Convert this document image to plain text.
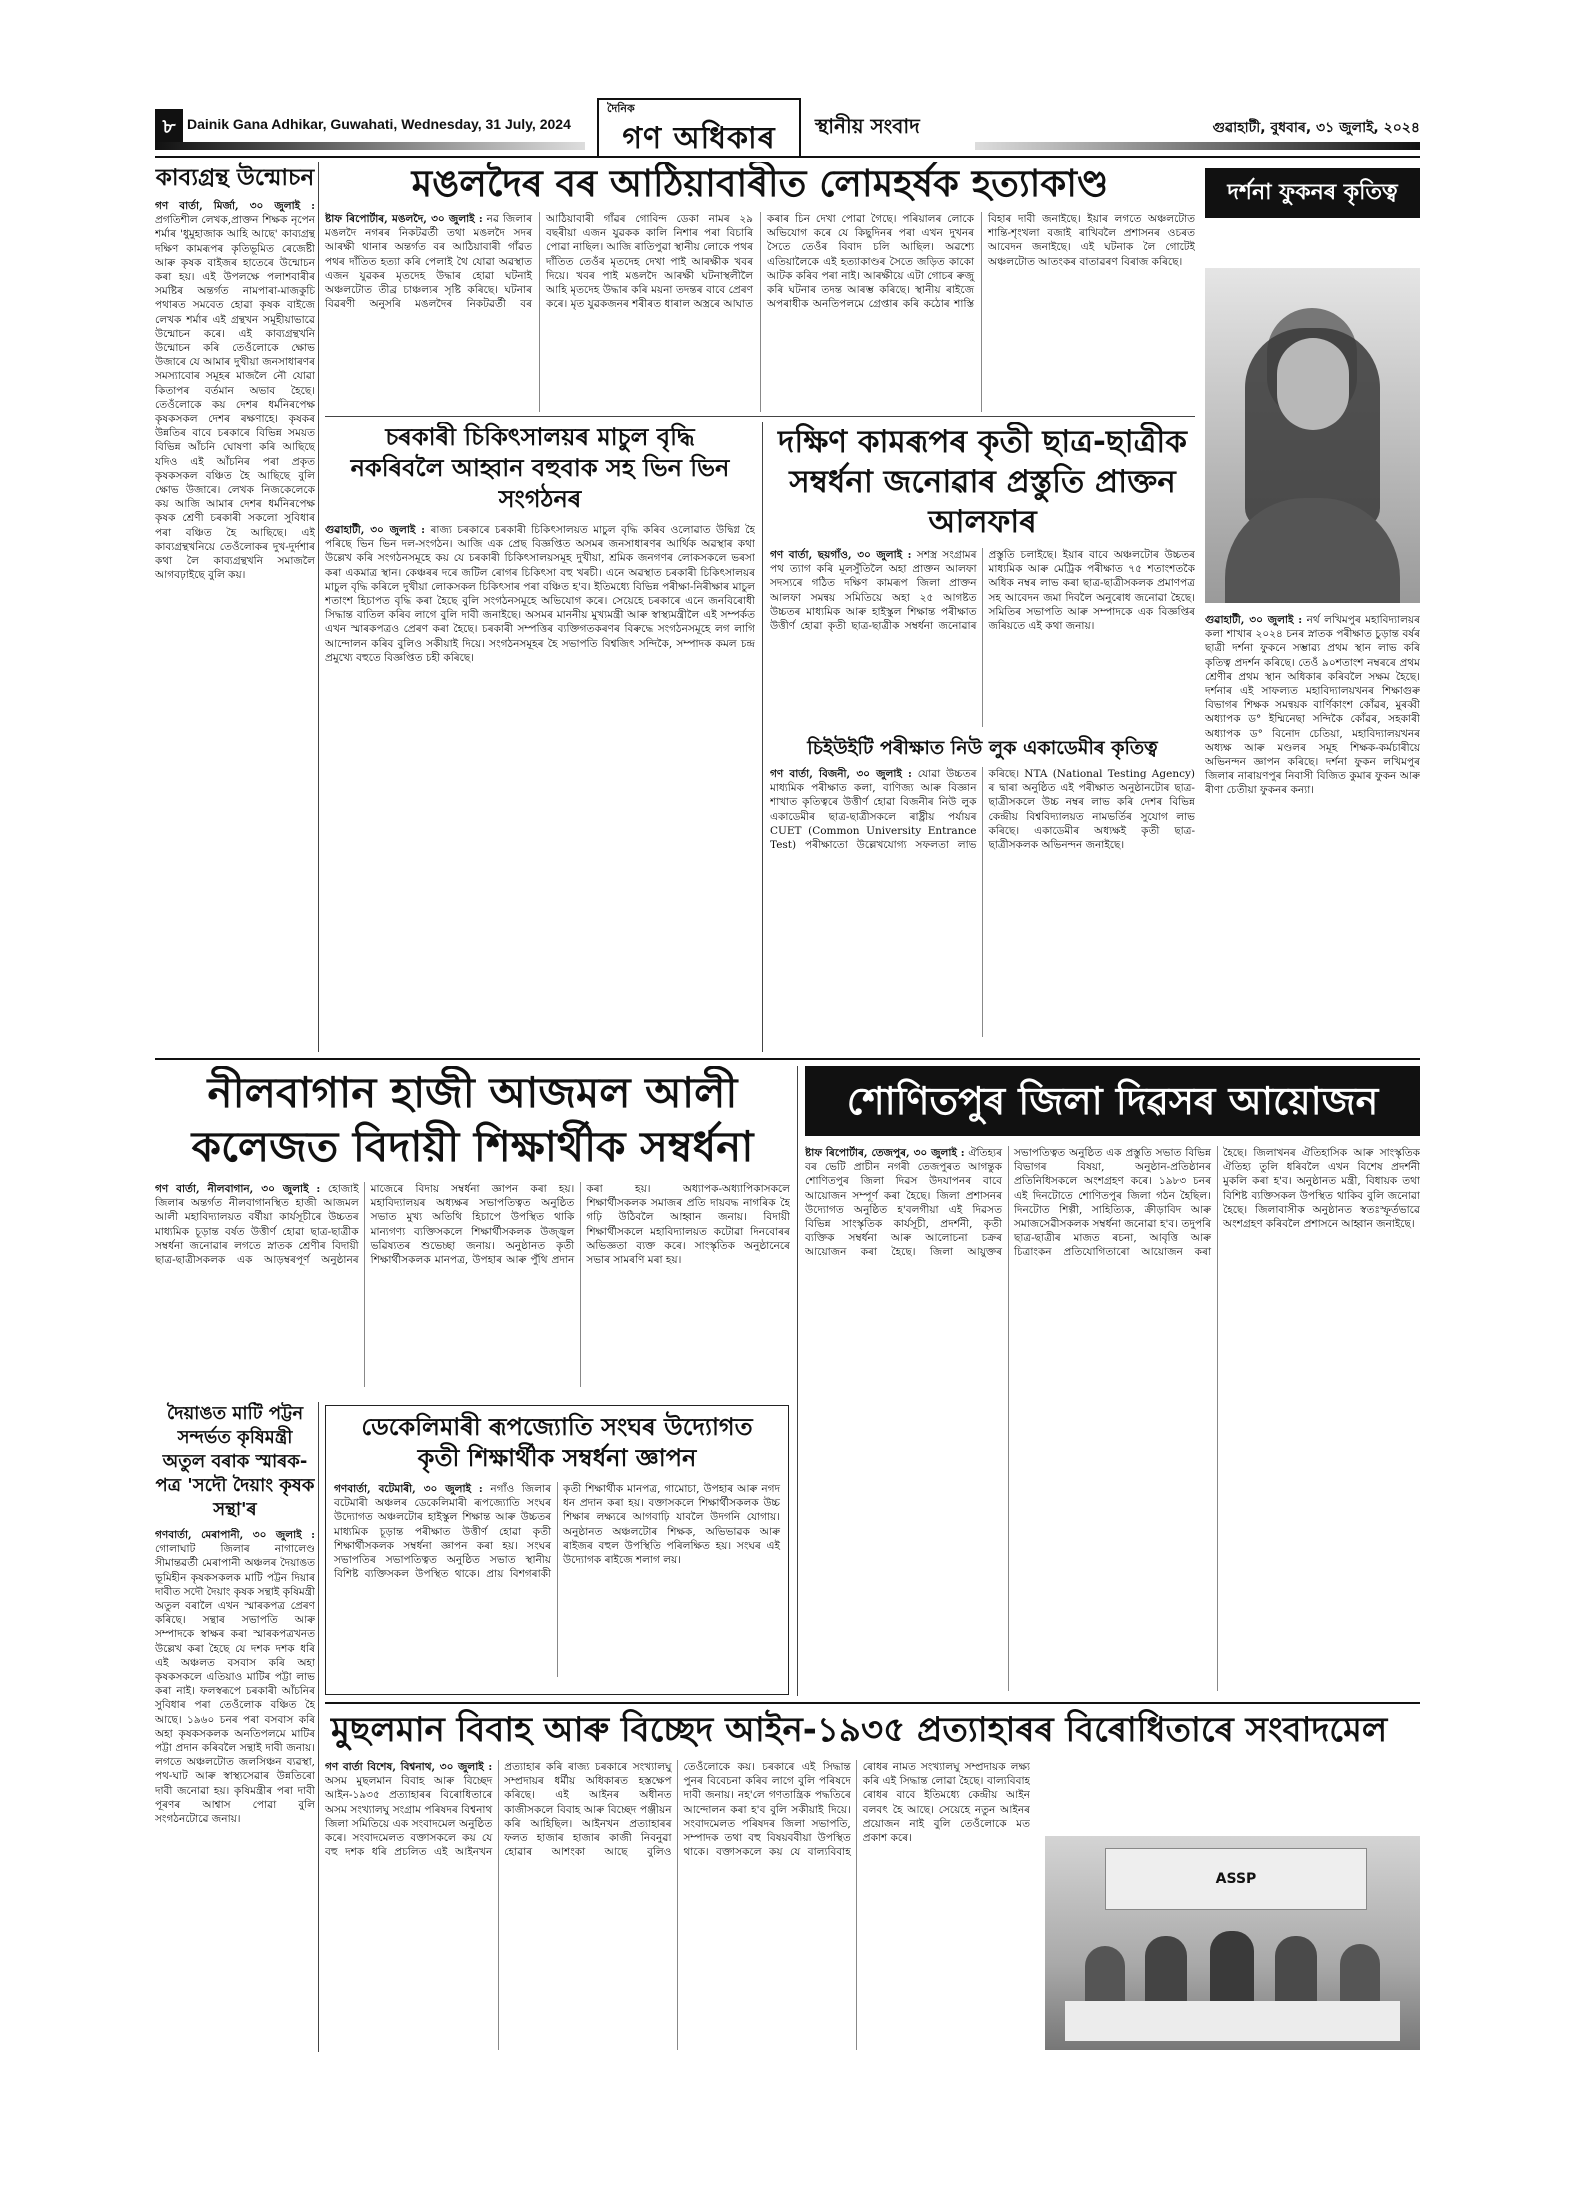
৮ Dainik Gana Adhikar, Guwahati, Wednesday, 31 July, 2024
দৈনিক
গণ অধিকাৰ	স্থানীয় সংবাদ	গুৱাহাটী, বুধবাৰ, ৩১ জুলাই, ২০২৪
কাব্যগ্ৰন্থ উন্মোচন
গণ বাৰ্তা, মিৰ্জা, ৩০ জুলাই : প্ৰগতিশীল লেখক,প্ৰাক্তন শিক্ষক নৃপেন শৰ্মাৰ 'ধুমুহাজাক আহি আছে' কাব্যগ্ৰন্থ দক্ষিণ কামৰূপৰ কৃতিভূমিত ৰেজেষ্টী আৰু কৃষক বাইজৰ হাতেৰে উন্মোচন কৰা হয়। এই উপলক্ষে পলাশবাৰীৰ সমষ্টিৰ অন্তৰ্গত নামপাৰা-মাজকুচি পথাৰত সমবেত হোৱা কৃষক বাইজে লেখক শৰ্মাৰ এই গ্ৰন্থখন সমূহীয়াভাৱে উন্মোচন কৰে। এই কাব্যগ্ৰন্থখনি উন্মোচন কৰি তেওঁলোকে ক্ষোভ উজাৰে যে আমাৰ দুখীয়া জনসাধাৰণৰ সমস্যাবোৰ সমূহৰ মাজলৈ নৌ যোৱা কিতাপৰ বৰ্তমান অভাব হৈছে। তেওঁলোকে কয় দেশৰ ধৰ্মনিৰপেক্ষ কৃষকসকল দেশৰ ৰক্ষণাহে। কৃষকৰ উন্নতিৰ বাবে চৰকাৰে বিভিন্ন সময়ত বিভিন্ন আঁচনি ঘোষণা কৰি আছিছে যদিও এই আঁচনিৰ পৰা প্ৰকৃত কৃষকসকল বঞ্চিত হৈ আছিছে বুলি ক্ষোভ উজাৰে। লেখক নিজকেলেকে কয় আজি আমাৰ দেশৰ ধৰ্মনিৰপেক্ষ কৃষক শ্ৰেণী চৰকাৰী সকলো সুবিধাৰ পৰা বঞ্চিত হৈ আছিছে। এই কাব্যগ্ৰন্থখনিয়ে তেওঁলোকৰ দুখ-দুৰ্দশাৰ কথা লৈ কাব্যগ্ৰন্থখনি সমাজলৈ আগবঢ়াইছে বুলি কয়।
মঙলদৈৰ বৰ আঠিয়াবাৰীত লোমহৰ্ষক হত্যাকাণ্ড
ষ্টাফ ৰিপোৰ্টাৰ, মঙলদৈ, ৩০ জুলাই : নৱ জিলাৰ মঙলদৈ নগৰৰ নিকটৱৰ্তী তথা মঙলদৈ সদৰ আৰক্ষী থানাৰ অন্তৰ্গত বৰ আঠিয়াবাৰী গাঁৱত পথৰ দাঁতিত হত্যা কৰি পেলাই থৈ যোৱা অৱস্থাত এজন যুৱকৰ মৃতদেহ উদ্ধাৰ হোৱা ঘটনাই অঞ্চলটোত তীব্ৰ চাঞ্চল্যৰ সৃষ্টি কৰিছে। ঘটনাৰ বিৱৰণী অনুসৰি মঙলদৈৰ নিকটৱৰ্তী বৰ আঠিয়াবাৰী গাঁৱৰ গোবিন্দ ডেকা নামৰ ২৯ বছৰীয়া এজন যুৱকক কালি নিশাৰ পৰা বিচাৰি পোৱা নাছিল। আজি ৰাতিপুৱা স্থানীয় লোকে পথৰ দাঁতিত তেওঁৰ মৃতদেহ দেখা পাই আৰক্ষীক খবৰ দিয়ে। খবৰ পাই মঙলদৈ আৰক্ষী ঘটনাস্থলীলৈ আহি মৃতদেহ উদ্ধাৰ কৰি ময়না তদন্তৰ বাবে প্ৰেৰণ কৰে। মৃত যুৱকজনৰ শৰীৰত ধাৰাল অস্ত্ৰৰে আঘাত কৰাৰ চিন দেখা পোৱা গৈছে। পৰিয়ালৰ লোকে অভিযোগ কৰে যে কিছুদিনৰ পৰা এখন দুখনৰ সৈতে তেওঁৰ বিবাদ চলি আছিল। অৱশ্যে এতিয়ালৈকে এই হত্যাকাণ্ডৰ সৈতে জড়িত কাকো আটক কৰিব পৰা নাই। আৰক্ষীয়ে এটা গোচৰ ৰুজু কৰি ঘটনাৰ তদন্ত আৰম্ভ কৰিছে। স্থানীয় ৰাইজে অপৰাধীক অনতিপলমে গ্ৰেপ্তাৰ কৰি কঠোৰ শাস্তি বিহাৰ দাবী জনাইছে। ইয়াৰ লগতে অঞ্চলটোত শান্তি-শৃংখলা বজাই ৰাখিবলৈ প্ৰশাসনৰ ওচৰত আবেদন জনাইছে। এই ঘটনাক লৈ গোটেই অঞ্চলটোত আতংকৰ বাতাৱৰণ বিৰাজ কৰিছে।
দৰ্শনা ফুকনৰ কৃতিত্ব
গুৱাহাটী, ৩০ জুলাই : নৰ্থ লখিমপুৰ মহাবিদ্যালয়ৰ কলা শাখাৰ ২০২৪ চনৰ স্নাতক পৰীক্ষাত চুড়ান্ত বৰ্ষৰ ছাত্ৰী দৰ্শনা ফুকনে সম্ভাৱ্য প্ৰথম স্থান লাভ কৰি কৃতিত্ব প্ৰদৰ্শন কৰিছে। তেওঁ ৯০শতাংশ নম্বৰৰে প্ৰথম শ্ৰেণীৰ প্ৰথম স্থান অধিকাৰ কৰিবলৈ সক্ষম হৈছে। দৰ্শনাৰ এই সাফল্যত মহাবিদ্যালয়খনৰ শিক্ষাগুৰু বিভাগৰ শিক্ষক সমন্বয়ক বাৰ্ণিকাংশ কোঁৱৰ, মুৰব্বী অধ্যাপক ড° ইম্মিনেছা সন্দিকৈ কোঁৱৰ, সহকাৰী অধ্যাপক ড° বিনোদ চেতিয়া, মহাবিদ্যালয়খনৰ অধ্যক্ষ আৰু মণ্ডলৰ সমূহ শিক্ষক-কৰ্মচাৰীয়ে অভিনন্দন জ্ঞাপন কৰিছে। দৰ্শনা ফুকন লখিমপুৰ জিলাৰ নাৰায়ণপুৰ নিবাসী বিজিত কুমাৰ ফুকন আৰু ৰীণা চেতীয়া ফুকনৰ কন্যা।
চৰকাৰী চিকিৎসালয়ৰ মাচুল বৃদ্ধি নকৰিবলৈ আহ্বান বহুবাক সহ ভিন ভিন সংগঠনৰ
গুৱাহাটী, ৩০ জুলাই : ৰাজ্য চৰকাৰে চৰকাৰী চিকিৎসালয়ত মাচুল বৃদ্ধি কৰিব ওলোৱাত উদ্বিগ্ন হৈ পৰিছে ভিন ভিন দল-সংগঠন। আজি এক প্ৰেছ বিজ্ঞপ্তিত অসমৰ জনসাধাৰণৰ আৰ্থিক অৱস্থাৰ কথা উল্লেখ কৰি সংগঠনসমূহে কয় যে চৰকাৰী চিকিৎসালয়সমূহ দুখীয়া, শ্ৰমিক জনগণৰ লোকসকলে ভৰসা কৰা একমাত্ৰ স্থান। কেঞ্চৰৰ দৰে জটিল ৰোগৰ চিকিৎসা বহু খৰচী। এনে অৱস্থাত চৰকাৰী চিকিৎসালয়ৰ মাচুল বৃদ্ধি কৰিলে দুখীয়া লোকসকল চিকিৎসাৰ পৰা বঞ্চিত হ'ব। ইতিমধ্যে বিভিন্ন পৰীক্ষা-নিৰীক্ষাৰ মাচুল শতাংশ হিচাপত বৃদ্ধি কৰা হৈছে বুলি সংগঠনসমূহে অভিযোগ কৰে। সেয়েহে চৰকাৰে এনে জনবিৰোধী সিদ্ধান্ত বাতিল কৰিব লাগে বুলি দাবী জনাইছে। অসমৰ মাননীয় মুখ্যমন্ত্ৰী আৰু স্বাস্থ্যমন্ত্ৰীলৈ এই সম্পৰ্কত এখন স্মাৰকপত্ৰও প্ৰেৰণ কৰা হৈছে। চৰকাৰী সম্পত্তিৰ ব্যক্তিগতকৰণৰ বিৰুদ্ধে সংগঠনসমূহে লগ লাগি আন্দোলন কৰিব বুলিও সকীয়াই দিয়ে। সংগঠনসমূহৰ হৈ সভাপতি বিশ্বজিৎ সন্দিকৈ, সম্পাদক কমল চন্দ্ৰ প্ৰমুখ্যে বহুতে বিজ্ঞপ্তিত চহী কৰিছে।
দক্ষিণ কামৰূপৰ কৃতী ছাত্ৰ-ছাত্ৰীক সম্বৰ্ধনা জনোৱাৰ প্ৰস্তুতি প্ৰাক্তন আলফাৰ
গণ বাৰ্তা, ছয়গাঁও, ৩০ জুলাই : সশস্ত্ৰ সংগ্ৰামৰ পথ ত্যাগ কৰি মূলসুঁতিলৈ অহা প্ৰাক্তন আলফা সদস্যৰে গঠিত দক্ষিণ কামৰূপ জিলা প্ৰাক্তন আলফা সমন্বয় সমিতিয়ে অহা ২৫ আগষ্টত উচ্চতৰ মাধ্যমিক আৰু হাইস্কুল শিক্ষান্ত পৰীক্ষাত উত্তীৰ্ণ হোৱা কৃতী ছাত্ৰ-ছাত্ৰীক সম্বৰ্ধনা জনোৱাৰ প্ৰস্তুতি চলাইছে। ইয়াৰ বাবে অঞ্চলটোৰ উচ্চতৰ মাধ্যমিক আৰু মেট্ৰিক পৰীক্ষাত ৭৫ শতাংশতকৈ অধিক নম্বৰ লাভ কৰা ছাত্ৰ-ছাত্ৰীসকলক প্ৰমাণপত্ৰ সহ আবেদন জমা দিবলৈ অনুৰোধ জনোৱা হৈছে। সমিতিৰ সভাপতি আৰু সম্পাদকে এক বিজ্ঞপ্তিৰ জৰিয়তে এই কথা জনায়।
চিইউইটি পৰীক্ষাত নিউ লুক একাডেমীৰ কৃতিত্ব
গণ বাৰ্তা, বিজনী, ৩০ জুলাই : যোৱা উচ্চতৰ মাধ্যমিক পৰীক্ষাত কলা, বাণিজ্য আৰু বিজ্ঞান শাখাত কৃতিত্বৰে উত্তীৰ্ণ হোৱা বিজনীৰ নিউ লুক একাডেমীৰ ছাত্ৰ-ছাত্ৰীসকলে ৰাষ্ট্ৰীয় পৰ্যায়ৰ CUET (Common University Entrance Test) পৰীক্ষাতো উল্লেখযোগ্য সফলতা লাভ কৰিছে। NTA (National Testing Agency) ৰ দ্বাৰা অনুষ্ঠিত এই পৰীক্ষাত অনুষ্ঠানটোৰ ছাত্ৰ-ছাত্ৰীসকলে উচ্চ নম্বৰ লাভ কৰি দেশৰ বিভিন্ন কেন্দ্ৰীয় বিশ্ববিদ্যালয়ত নামভৰ্তিৰ সুযোগ লাভ কৰিছে। একাডেমীৰ অধ্যক্ষই কৃতী ছাত্ৰ-ছাত্ৰীসকলক অভিনন্দন জনাইছে।
নীলবাগান হাজী আজমল আলী কলেজত বিদায়ী শিক্ষাৰ্থীক সম্বৰ্ধনা
গণ বাৰ্তা, নীলবাগান, ৩০ জুলাই : হোজাই জিলাৰ অন্তৰ্গত নীলবাগানস্থিত হাজী আজমল আলী মহাবিদ্যালয়ত বৰ্ষীয়া কাৰ্যসূচীৰে উচ্চতৰ মাধ্যমিক চূড়ান্ত বৰ্ষত উত্তীৰ্ণ হোৱা ছাত্ৰ-ছাত্ৰীক সম্বৰ্ধনা জনোৱাৰ লগতে স্নাতক শ্ৰেণীৰ বিদায়ী ছাত্ৰ-ছাত্ৰীসকলক এক আড়ম্বৰপূৰ্ণ অনুষ্ঠানৰ মাজেৰে বিদায় সম্বৰ্ধনা জ্ঞাপন কৰা হয়। মহাবিদ্যালয়ৰ অধ্যক্ষৰ সভাপতিত্বত অনুষ্ঠিত সভাত মুখ্য অতিথি হিচাপে উপস্থিত থাকি মান্যগণ্য ব্যক্তিসকলে শিক্ষাৰ্থীসকলক উজ্জ্বল ভৱিষ্যতৰ শুভেচ্ছা জনায়। অনুষ্ঠানত কৃতী শিক্ষাৰ্থীসকলক মানপত্ৰ, উপহাৰ আৰু পুঁথি প্ৰদান কৰা হয়। অধ্যাপক-অধ্যাপিকাসকলে শিক্ষাৰ্থীসকলক সমাজৰ প্ৰতি দায়বদ্ধ নাগৰিক হৈ গঢ়ি উঠিবলৈ আহ্বান জনায়। বিদায়ী শিক্ষাৰ্থীসকলে মহাবিদ্যালয়ত কটোৱা দিনবোৰৰ অভিজ্ঞতা ব্যক্ত কৰে। সাংস্কৃতিক অনুষ্ঠানেৰে সভাৰ সামৰণি মৰা হয়।
শোণিতপুৰ জিলা দিৱসৰ আয়োজন
ষ্টাফ ৰিপোৰ্টাৰ, তেজপুৰ, ৩০ জুলাই : ঐতিহ্যৰ বৰ ভেটি প্ৰাচীন নগৰী তেজপুৰত আগন্তুক শোণিতপুৰ জিলা দিৱস উদযাপনৰ বাবে আয়োজন সম্পূৰ্ণ কৰা হৈছে। জিলা প্ৰশাসনৰ উদ্যোগত অনুষ্ঠিত হ'বলগীয়া এই দিৱসত বিভিন্ন সাংস্কৃতিক কাৰ্যসূচী, প্ৰদৰ্শনী, কৃতী ব্যক্তিক সম্বৰ্ধনা আৰু আলোচনা চক্ৰৰ আয়োজন কৰা হৈছে। জিলা আয়ুক্তৰ সভাপতিত্বত অনুষ্ঠিত এক প্ৰস্তুতি সভাত বিভিন্ন বিভাগৰ বিষয়া, অনুষ্ঠান-প্ৰতিষ্ঠানৰ প্ৰতিনিধিসকলে অংশগ্ৰহণ কৰে। ১৯৮৩ চনৰ এই দিনটোতে শোণিতপুৰ জিলা গঠন হৈছিল। দিনটোত শিল্পী, সাহিত্যিক, ক্ৰীড়াবিদ আৰু সমাজসেৱীসকলক সম্বৰ্ধনা জনোৱা হ'ব। তদুপৰি ছাত্ৰ-ছাত্ৰীৰ মাজত ৰচনা, আবৃত্তি আৰু চিত্ৰাংকন প্ৰতিযোগিতাৰো আয়োজন কৰা হৈছে। জিলাখনৰ ঐতিহাসিক আৰু সাংস্কৃতিক ঐতিহ্য তুলি ধৰিবলৈ এখন বিশেষ প্ৰদৰ্শনী মুকলি কৰা হ'ব। অনুষ্ঠানত মন্ত্ৰী, বিধায়ক তথা বিশিষ্ট ব্যক্তিসকল উপস্থিত থাকিব বুলি জনোৱা হৈছে। জিলাবাসীক অনুষ্ঠানত স্বতঃস্ফূৰ্তভাৱে অংশগ্ৰহণ কৰিবলৈ প্ৰশাসনে আহ্বান জনাইছে।
দৈয়াঙত মাটি পট্টন সন্দৰ্ভত কৃষিমন্ত্ৰী অতুল বৰাক স্মাৰক-পত্ৰ 'সদৌ দৈয়াং কৃষক সন্থা'ৰ
গণবাৰ্তা, মেৰাপানী, ৩০ জুলাই : গোলাঘাট জিলাৰ নাগালেণ্ড সীমান্তৱৰ্তী মেৰাপানী অঞ্চলৰ দৈয়াঙত ভূমিহীন কৃষকসকলক মাটি পট্টন দিয়াৰ দাবীত সদৌ দৈয়াং কৃষক সন্থাই কৃষিমন্ত্ৰী অতুল বৰালৈ এখন স্মাৰকপত্ৰ প্ৰেৰণ কৰিছে। সন্থাৰ সভাপতি আৰু সম্পাদকে স্বাক্ষৰ কৰা স্মাৰকপত্ৰখনত উল্লেখ কৰা হৈছে যে দশক দশক ধৰি এই অঞ্চলত বসবাস কৰি অহা কৃষকসকলে এতিয়াও মাটিৰ পট্টা লাভ কৰা নাই। ফলস্বৰূপে চৰকাৰী আঁচনিৰ সুবিধাৰ পৰা তেওঁলোক বঞ্চিত হৈ আছে। ১৯৬০ চনৰ পৰা বসবাস কৰি অহা কৃষকসকলক অনতিপলমে মাটিৰ পট্টা প্ৰদান কৰিবলৈ সন্থাই দাবী জনায়। লগতে অঞ্চলটোত জলসিঞ্চন ব্যৱস্থা, পথ-ঘাট আৰু স্বাস্থ্যসেৱাৰ উন্নতিৰো দাবী জনোৱা হয়। কৃষিমন্ত্ৰীৰ পৰা দাবী পূৰণৰ আশ্বাস পোৱা বুলি সংগঠনটোৱে জনায়।
ডেকেলিমাৰী ৰূপজ্যোতি সংঘৰ উদ্যোগত কৃতী শিক্ষাৰ্থীক সম্বৰ্ধনা জ্ঞাপন
গণবাৰ্তা, বটেমাৰী, ৩০ জুলাই : নগাঁও জিলাৰ বটেমাৰী অঞ্চলৰ ডেকেলিমাৰী ৰূপজ্যোতি সংঘৰ উদ্যোগত অঞ্চলটোৰ হাইস্কুল শিক্ষান্ত আৰু উচ্চতৰ মাধ্যমিক চূড়ান্ত পৰীক্ষাত উত্তীৰ্ণ হোৱা কৃতী শিক্ষাৰ্থীসকলক সম্বৰ্ধনা জ্ঞাপন কৰা হয়। সংঘৰ সভাপতিৰ সভাপতিত্বত অনুষ্ঠিত সভাত স্থানীয় বিশিষ্ট ব্যক্তিসকল উপস্থিত থাকে। প্ৰায় বিশগৰাকী কৃতী শিক্ষাৰ্থীক মানপত্ৰ, গামোচা, উপহাৰ আৰু নগদ ধন প্ৰদান কৰা হয়। বক্তাসকলে শিক্ষাৰ্থীসকলক উচ্চ শিক্ষাৰ লক্ষ্যৰে আগবাঢ়ি যাবলৈ উদগনি যোগায়। অনুষ্ঠানত অঞ্চলটোৰ শিক্ষক, অভিভাৱক আৰু ৰাইজৰ বহুল উপস্থিতি পৰিলক্ষিত হয়। সংঘৰ এই উদ্যোগক ৰাইজে শলাগ লয়।
মুছলমান বিবাহ আৰু বিচ্ছেদ আইন-১৯৩৫ প্ৰত্যাহাৰৰ বিৰোধিতাৰে সংবাদমেল
গণ বাৰ্তা বিশেষ, বিশ্বনাথ, ৩০ জুলাই : অসম মুছলমান বিবাহ আৰু বিচ্ছেদ আইন-১৯৩৫ প্ৰত্যাহাৰৰ বিৰোধিতাৰে অসম সংখ্যালঘু সংগ্ৰাম পৰিষদৰ বিশ্বনাথ জিলা সমিতিয়ে এক সংবাদমেল অনুষ্ঠিত কৰে। সংবাদমেলত বক্তাসকলে কয় যে বহু দশক ধৰি প্ৰচলিত এই আইনখন প্ৰত্যাহাৰ কৰি ৰাজ্য চৰকাৰে সংখ্যালঘু সম্প্ৰদায়ৰ ধৰ্মীয় অধিকাৰত হস্তক্ষেপ কৰিছে। এই আইনৰ অধীনত কাজীসকলে বিবাহ আৰু বিচ্ছেদ পঞ্জীয়ন কৰি আহিছিল। আইনখন প্ৰত্যাহাৰৰ ফলত হাজাৰ হাজাৰ কাজী নিবনুৱা হোৱাৰ আশংকা আছে বুলিও তেওঁলোকে কয়। চৰকাৰে এই সিদ্ধান্ত পুনৰ বিবেচনা কৰিব লাগে বুলি পৰিষদে দাবী জনায়। নহ'লে গণতান্ত্ৰিক পদ্ধতিৰে আন্দোলন কৰা হ'ব বুলি সকীয়াই দিয়ে। সংবাদমেলত পৰিষদৰ জিলা সভাপতি, সম্পাদক তথা বহু বিষয়ববীয়া উপস্থিত থাকে। বক্তাসকলে কয় যে বাল্যবিবাহ ৰোধৰ নামত সংখ্যালঘু সম্প্ৰদায়ক লক্ষ্য কৰি এই সিদ্ধান্ত লোৱা হৈছে। বাল্যবিবাহ ৰোধৰ বাবে ইতিমধ্যে কেন্দ্ৰীয় আইন বলবৎ হৈ আছে। সেয়েহে নতুন আইনৰ প্ৰয়োজন নাই বুলি তেওঁলোকে মত প্ৰকাশ কৰে।
ASSP
